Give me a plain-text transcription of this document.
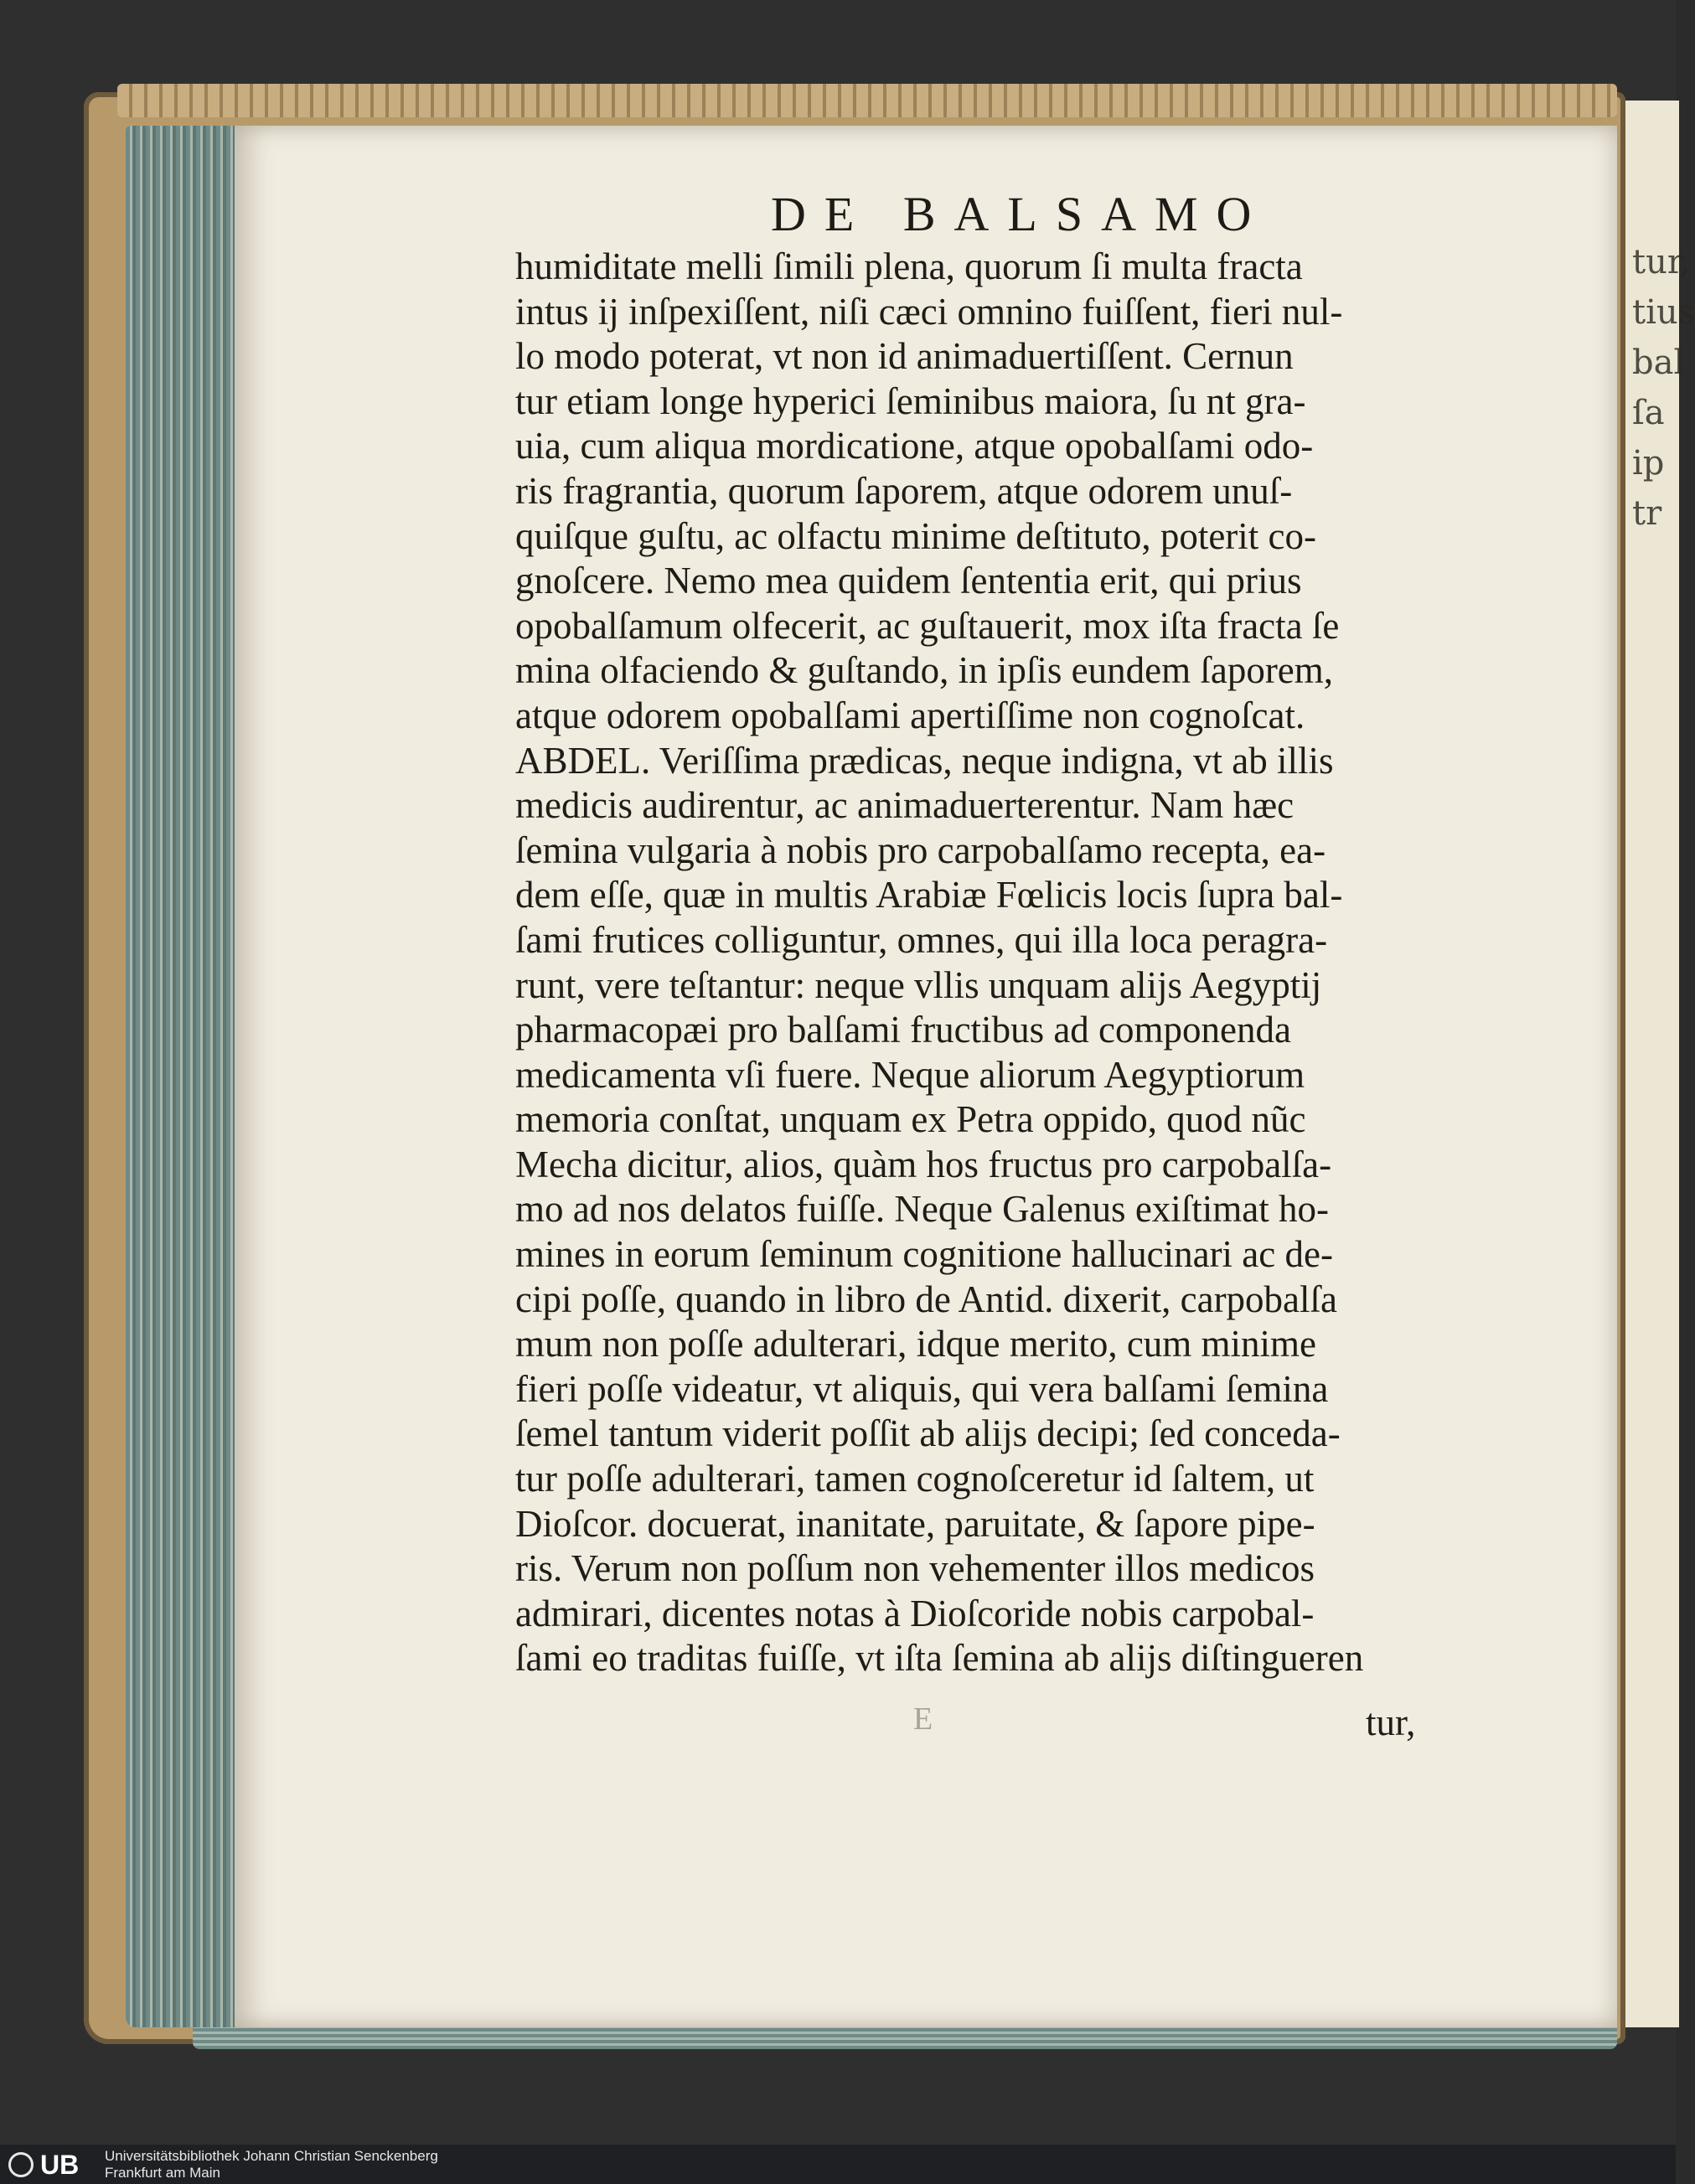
tur,
tius
bal
ſa
ip
tr
DE BALSAMO
humiditate melli ſimili plena, quorum ſi multa fracta
intus ij inſpexiſſent, niſi cæci omnino fuiſſent, fieri nul-
lo modo poterat, vt non id animaduertiſſent. Cernun
tur etiam longe hyperici ſeminibus maiora, ſu nt gra-
uia, cum aliqua mordicatione, atque opobalſami odo-
ris fragrantia, quorum ſaporem, atque odorem unuſ-
quiſque guſtu, ac olfactu minime deſtituto, poterit co-
gnoſcere. Nemo mea quidem ſententia erit, qui prius
opobalſamum olfecerit, ac guſtauerit, mox iſta fracta ſe
mina olfaciendo & guſtando, in ipſis eundem ſaporem,
atque odorem opobalſami apertiſſime non cognoſcat.
ABDEL. Veriſſima prædicas, neque indigna, vt ab illis
medicis audirentur, ac animaduerterentur. Nam hæc
ſemina vulgaria à nobis pro carpobalſamo recepta, ea-
dem eſſe, quæ in multis Arabiæ Fœlicis locis ſupra bal-
ſami frutices colliguntur, omnes, qui illa loca peragra-
runt, vere teſtantur: neque vllis unquam alijs Aegyptij
pharmacopæi pro balſami fructibus ad componenda
medicamenta vſi fuere. Neque aliorum Aegyptiorum
memoria conſtat, unquam ex Petra oppido, quod nũc
Mecha dicitur, alios, quàm hos fructus pro carpobalſa-
mo ad nos delatos fuiſſe. Neque Galenus exiſtimat ho-
mines in eorum ſeminum cognitione hallucinari ac de-
cipi poſſe, quando in libro de Antid. dixerit, carpobalſa
mum non poſſe adulterari, idque merito, cum minime
fieri poſſe videatur, vt aliquis, qui vera balſami ſemina
ſemel tantum viderit poſſit ab alijs decipi; ſed conceda-
tur poſſe adulterari, tamen cognoſceretur id ſaltem, ut
Dioſcor. docuerat, inanitate, paruitate, & ſapore pipe-
ris. Verum non poſſum non vehementer illos medicos
admirari, dicentes notas à Dioſcoride nobis carpobal-
ſami eo traditas fuiſſe, vt iſta ſemina ab alijs diſtingueren
E	tur,
UB Universitätsbibliothek Johann Christian Senckenberg
Frankfurt am Main
